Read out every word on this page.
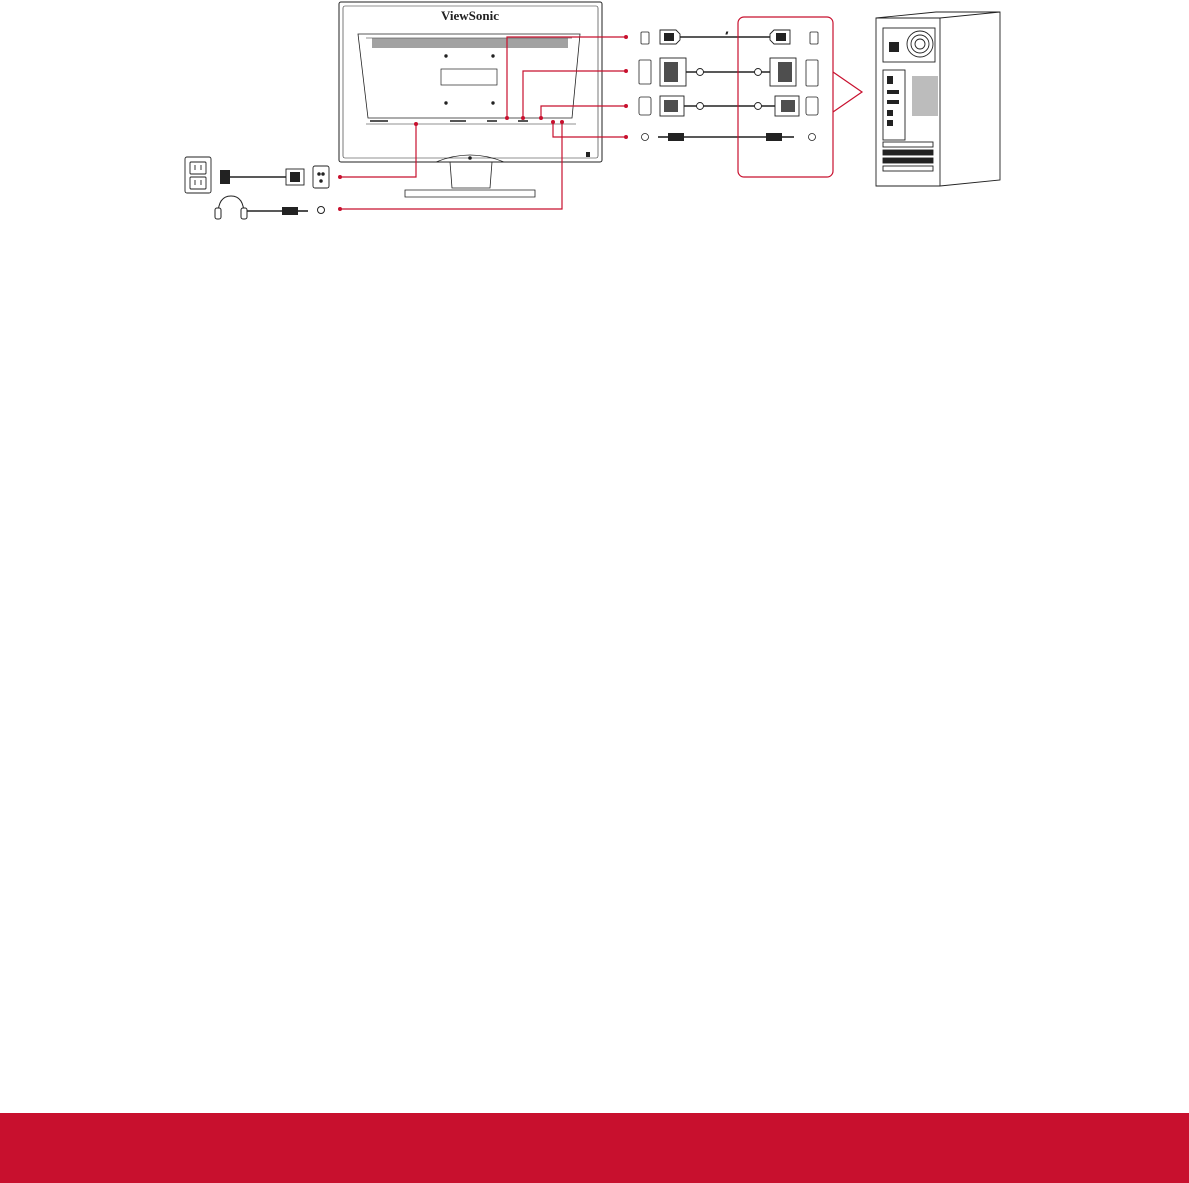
ViewSonic
//
